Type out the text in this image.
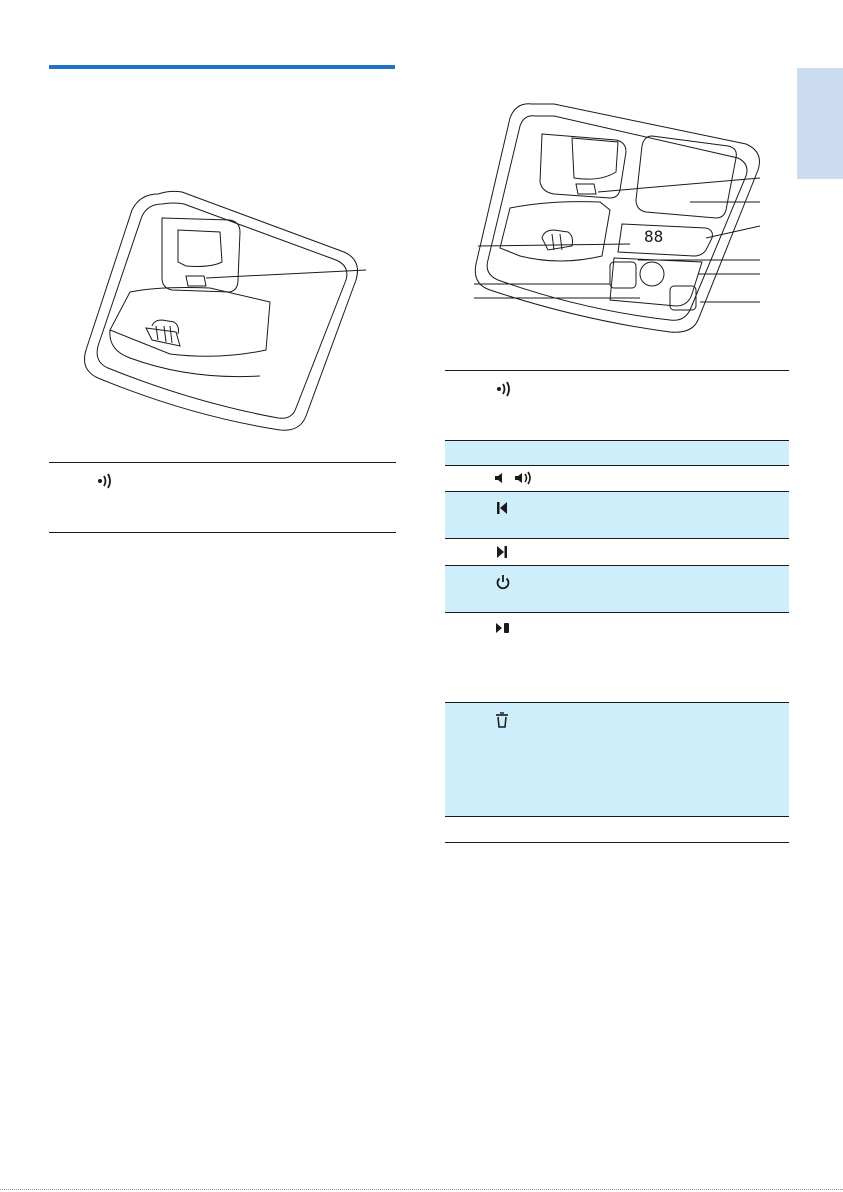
88
